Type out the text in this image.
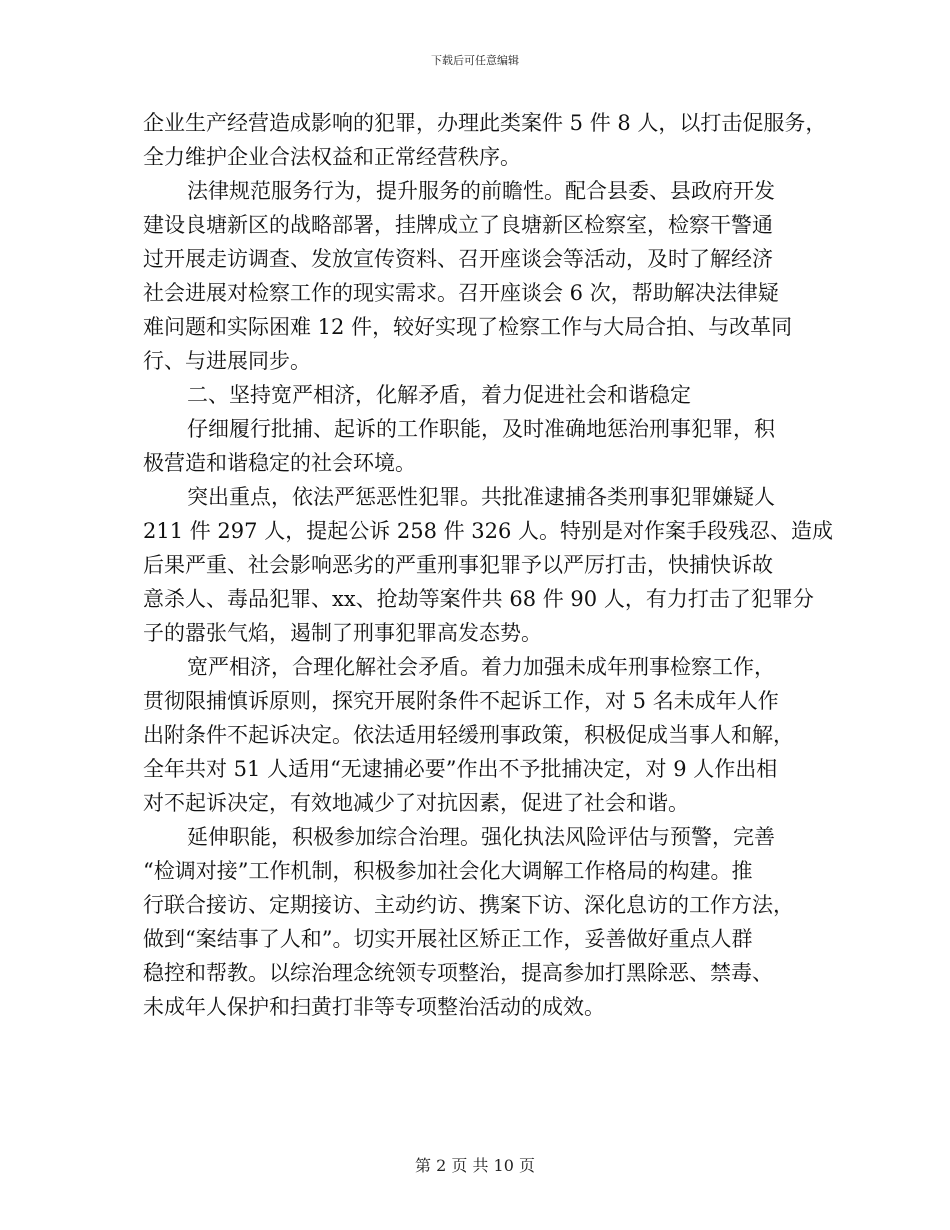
下载后可任意编辑
企业生产经营造成影响的犯罪，办理此类案件 5 件 8 人，以打击促服务，
全力维护企业合法权益和正常经营秩序。
法律规范服务行为，提升服务的前瞻性。配合县委、县政府开发
建设良塘新区的战略部署，挂牌成立了良塘新区检察室，检察干警通
过开展走访调查、发放宣传资料、召开座谈会等活动，及时了解经济
社会进展对检察工作的现实需求。召开座谈会 6 次，帮助解决法律疑
难问题和实际困难 12 件，较好实现了检察工作与大局合拍、与改革同
行、与进展同步。
二、坚持宽严相济，化解矛盾，着力促进社会和谐稳定
仔细履行批捕、起诉的工作职能，及时准确地惩治刑事犯罪，积
极营造和谐稳定的社会环境。
突出重点，依法严惩恶性犯罪。共批准逮捕各类刑事犯罪嫌疑人
211 件 297 人，提起公诉 258 件 326 人。特别是对作案手段残忍、造成
后果严重、社会影响恶劣的严重刑事犯罪予以严厉打击，快捕快诉故
意杀人、毒品犯罪、xx、抢劫等案件共 68 件 90 人，有力打击了犯罪分
子的嚣张气焰，遏制了刑事犯罪高发态势。
宽严相济，合理化解社会矛盾。着力加强未成年刑事检察工作，
贯彻限捕慎诉原则，探究开展附条件不起诉工作，对 5 名未成年人作
出附条件不起诉决定。依法适用轻缓刑事政策，积极促成当事人和解，
全年共对 51 人适用“无逮捕必要”作出不予批捕决定，对 9 人作出相
对不起诉决定，有效地减少了对抗因素，促进了社会和谐。
延伸职能，积极参加综合治理。强化执法风险评估与预警，完善
“检调对接”工作机制，积极参加社会化大调解工作格局的构建。推
行联合接访、定期接访、主动约访、携案下访、深化息访的工作方法，
做到“案结事了人和”。切实开展社区矫正工作，妥善做好重点人群
稳控和帮教。以综治理念统领专项整治，提高参加打黑除恶、禁毒、
未成年人保护和扫黄打非等专项整治活动的成效。
第 2 页 共 10 页
